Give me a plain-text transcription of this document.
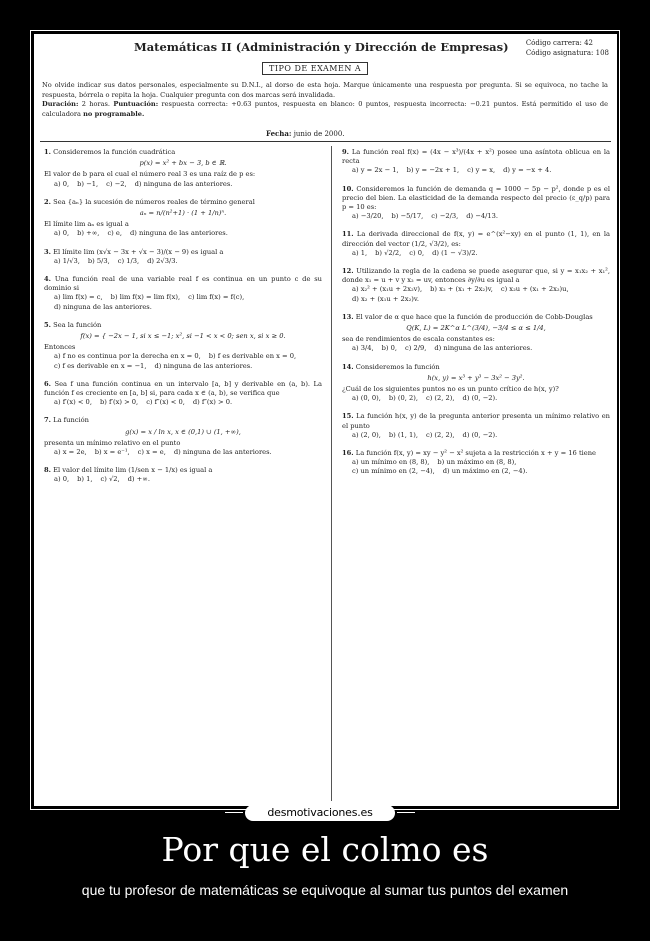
Matemáticas II (Administración y Dirección de Empresas) Código carrera: 42
Código asignatura: 108
TIPO DE EXAMEN A
No olvide indicar sus datos personales, especialmente su D.N.I., al dorso de esta hoja. Marque únicamente una respuesta por pregunta. Si se equivoca, no tache la respuesta, bórrela o repita la hoja. Cualquier pregunta con dos marcas será invalidada.
Duración: 2 horas. Puntuación: respuesta correcta: +0.63 puntos, respuesta en blanco: 0 puntos, respuesta incorrecta: −0.21 puntos. Está permitido el uso de calculadora no programable.
Fecha: junio de 2000.
1. Consideremos la función cuadrática
p(x) = x² + bx − 3, b ∈ ℝ.
El valor de b para el cual el número real 3 es una raíz de p es:
a) 0, b) −1, c) −2, d) ninguna de las anteriores.
2. Sea {aₙ} la sucesión de números reales de término general
aₙ = n/(n²+1) · (1 + 1/n)ⁿ.
El límite lim aₙ es igual a
a) 0, b) +∞, c) e, d) ninguna de las anteriores.
3. El límite lim (x√x − 3x + √x − 3)/(x − 9) es igual a
a) 1/√3, b) 5/3, c) 1/3, d) 2√3/3.
4. Una función real de una variable real f es continua en un punto c de su dominio si
a) lim f(x) = c, b) lim f(x) = lim f(x), c) lim f(x) = f(c),d) ninguna de las anteriores.
5. Sea la función
f(x) = { −2x − 1, si x ≤ −1; x², si −1 < x < 0; sen x, si x ≥ 0.
Entonces
a) f no es continua por la derecha en x = 0, b) f es derivable en x = 0,c) f es derivable en x = −1, d) ninguna de las anteriores.
6. Sea f una función continua en un intervalo [a, b] y derivable en (a, b). La función f es creciente en [a, b] si, para cada x ∈ (a, b), se verifica que
a) f′(x) < 0, b) f′(x) > 0, c) f″(x) < 0, d) f″(x) > 0.
7. La función
g(x) = x / ln x, x ∈ (0,1) ∪ (1, +∞),
presenta un mínimo relativo en el punto
a) x = 2e, b) x = e⁻¹, c) x = e, d) ninguna de las anteriores.
8. El valor del límite lim (1/sen x − 1/x) es igual a
a) 0, b) 1, c) √2, d) +∞.
9. La función real f(x) = (4x − x³)/(4x + x²) posee una asíntota oblicua en la recta
a) y = 2x − 1, b) y = −2x + 1, c) y = x, d) y = −x + 4.
10. Consideremos la función de demanda q = 1000 − 5p − p², donde p es el precio del bien. La elasticidad de la demanda respecto del precio (ε_q/p) para p = 10 es:
a) −3/20, b) −5/17, c) −2/3, d) −4/13.
11. La derivada direccional de f(x, y) = e^(x²−xy) en el punto (1, 1), en la dirección del vector (1/2, √3/2), es:
a) 1, b) √2/2, c) 0, d) (1 − √3)/2.
12. Utilizando la regla de la cadena se puede asegurar que, si y = x₁x₂ + x₁², donde x₁ = u + v y x₂ = uv, entonces ∂y/∂u es igual a
a) x₂² + (x₁u + 2x₂v), b) x₂ + (x₁ + 2x₂)v, c) x₂u + (x₁ + 2x₂)u,d) x₂ + (x₁u + 2x₂)v.
13. El valor de α que hace que la función de producción de Cobb-Douglas
Q(K, L) = 2K^α L^(3/4), −3/4 ≤ α ≤ 1/4,
sea de rendimientos de escala constantes es:
a) 3/4, b) 0, c) 2/9, d) ninguna de las anteriores.
14. Consideremos la función
h(x, y) = x³ + y³ − 3x² − 3y².
¿Cuál de los siguientes puntos no es un punto crítico de h(x, y)?
a) (0, 0), b) (0, 2), c) (2, 2), d) (0, −2).
15. La función h(x, y) de la pregunta anterior presenta un mínimo relativo en el punto
a) (2, 0), b) (1, 1), c) (2, 2), d) (0, −2).
16. La función f(x, y) = xy − y² − x² sujeta a la restricción x + y = 16 tiene
a) un mínimo en (8, 8), b) un máximo en (8, 8),c) un mínimo en (2, −4), d) un máximo en (2, −4).
desmotivaciones.es
Por que el colmo es
que tu profesor de matemáticas se equivoque al sumar tus puntos del examen
